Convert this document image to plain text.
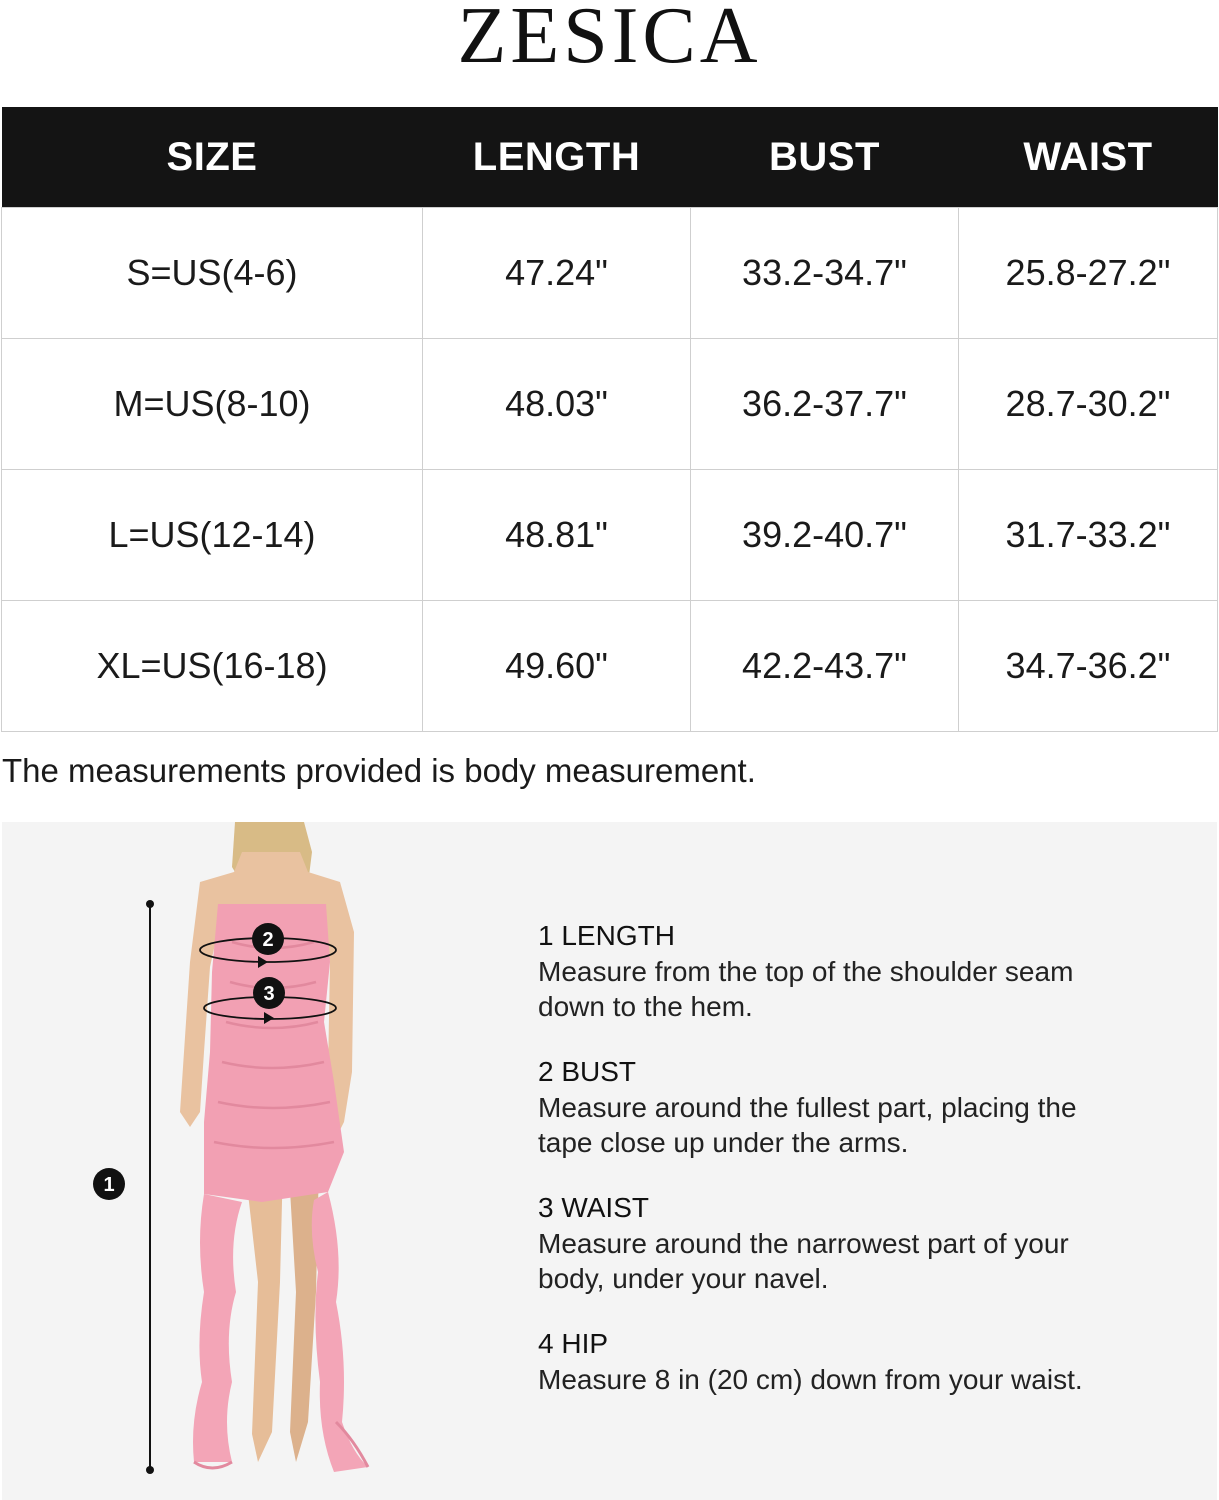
ZESICA
SIZE	LENGTH	BUST	WAIST
S=US(4-6)	47.24"	33.2-34.7"	25.8-27.2"
M=US(8-10)	48.03"	36.2-37.7"	28.7-30.2"
L=US(12-14)	48.81"	39.2-40.7"	31.7-33.2"
XL=US(16-18)	49.60"	42.2-43.7"	34.7-36.2"
The measurements provided is body measurement.
1
2
3
1 LENGTH
Measure from the top of the shoulder seam down to the hem.
2 BUST
Measure around the fullest part, placing the tape close up under the arms.
3 WAIST
Measure around the narrowest part of your body, under your navel.
4 HIP
Measure 8 in (20 cm) down from your waist.
